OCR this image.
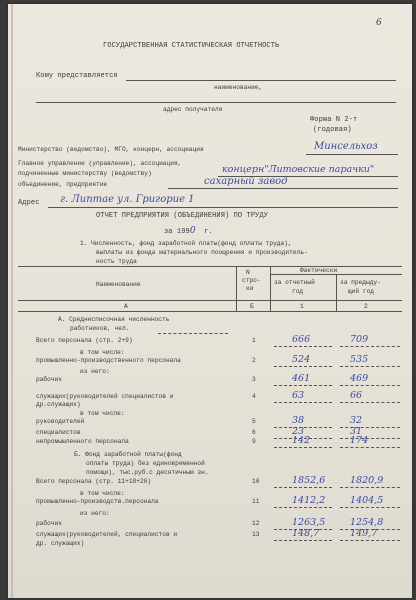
6
ГОСУДАРСТВЕННАЯ СТАТИСТИЧЕСКАЯ ОТЧЕТНОСТЬ
Кому представляется
наименование,
адрес получателя
Форма N 2-т
(годовая)
Министерство (ведомство), МГО, концерн, ассоциация	Минсельхоз
Главное управление (управление), ассоциация,
подчиненные министерству (ведомству)	концерн"Литовские парачки"
объединение, предприятие	сахарный завод
Адрес г. Липтае ул. Григорие 1
ОТЧЕТ ПРЕДПРИЯТИЯ (ОБЪЕДИНЕНИЯ) ПО ТРУДУ
за 1990 г.
1. Численность, фонд заработной платы(фонд оплаты труда),
выплаты из фонда материального поощрения и производитель-
ность труда
Наименование
N
стро-
ки
Фактически
за отчетный
год
за предыду-
щий год
А	Б	1	2
А. Среднесписочная численность
работников, чел.
Всего персонала (стр. 2+9)	1	666	709
в том числе:
промышленно-производственного персонала	2	524	535
из него:
рабочих	3	461	469
служащих(руководителей специалистов и	4	63	66
др.служащих)
в том числе:
руководителей	5	38	32
специалистов	6	23	31
непромышленного персонала	9	142	174
Б. Фонд заработной платы(фонд
оплаты труда) без единовременной
помощи), тыс.руб.с десятичным зн.
Всего персонала (стр. 11+18+20)	10	1852,6	1820,9
в том числе:
промышленно-производств.персонала	11	1412,2	1404,5
из него:
рабочих	12	1263,5	1254,8
служащих(руководителей, специалистов и	13	148,7	149,7
др. служащих)
